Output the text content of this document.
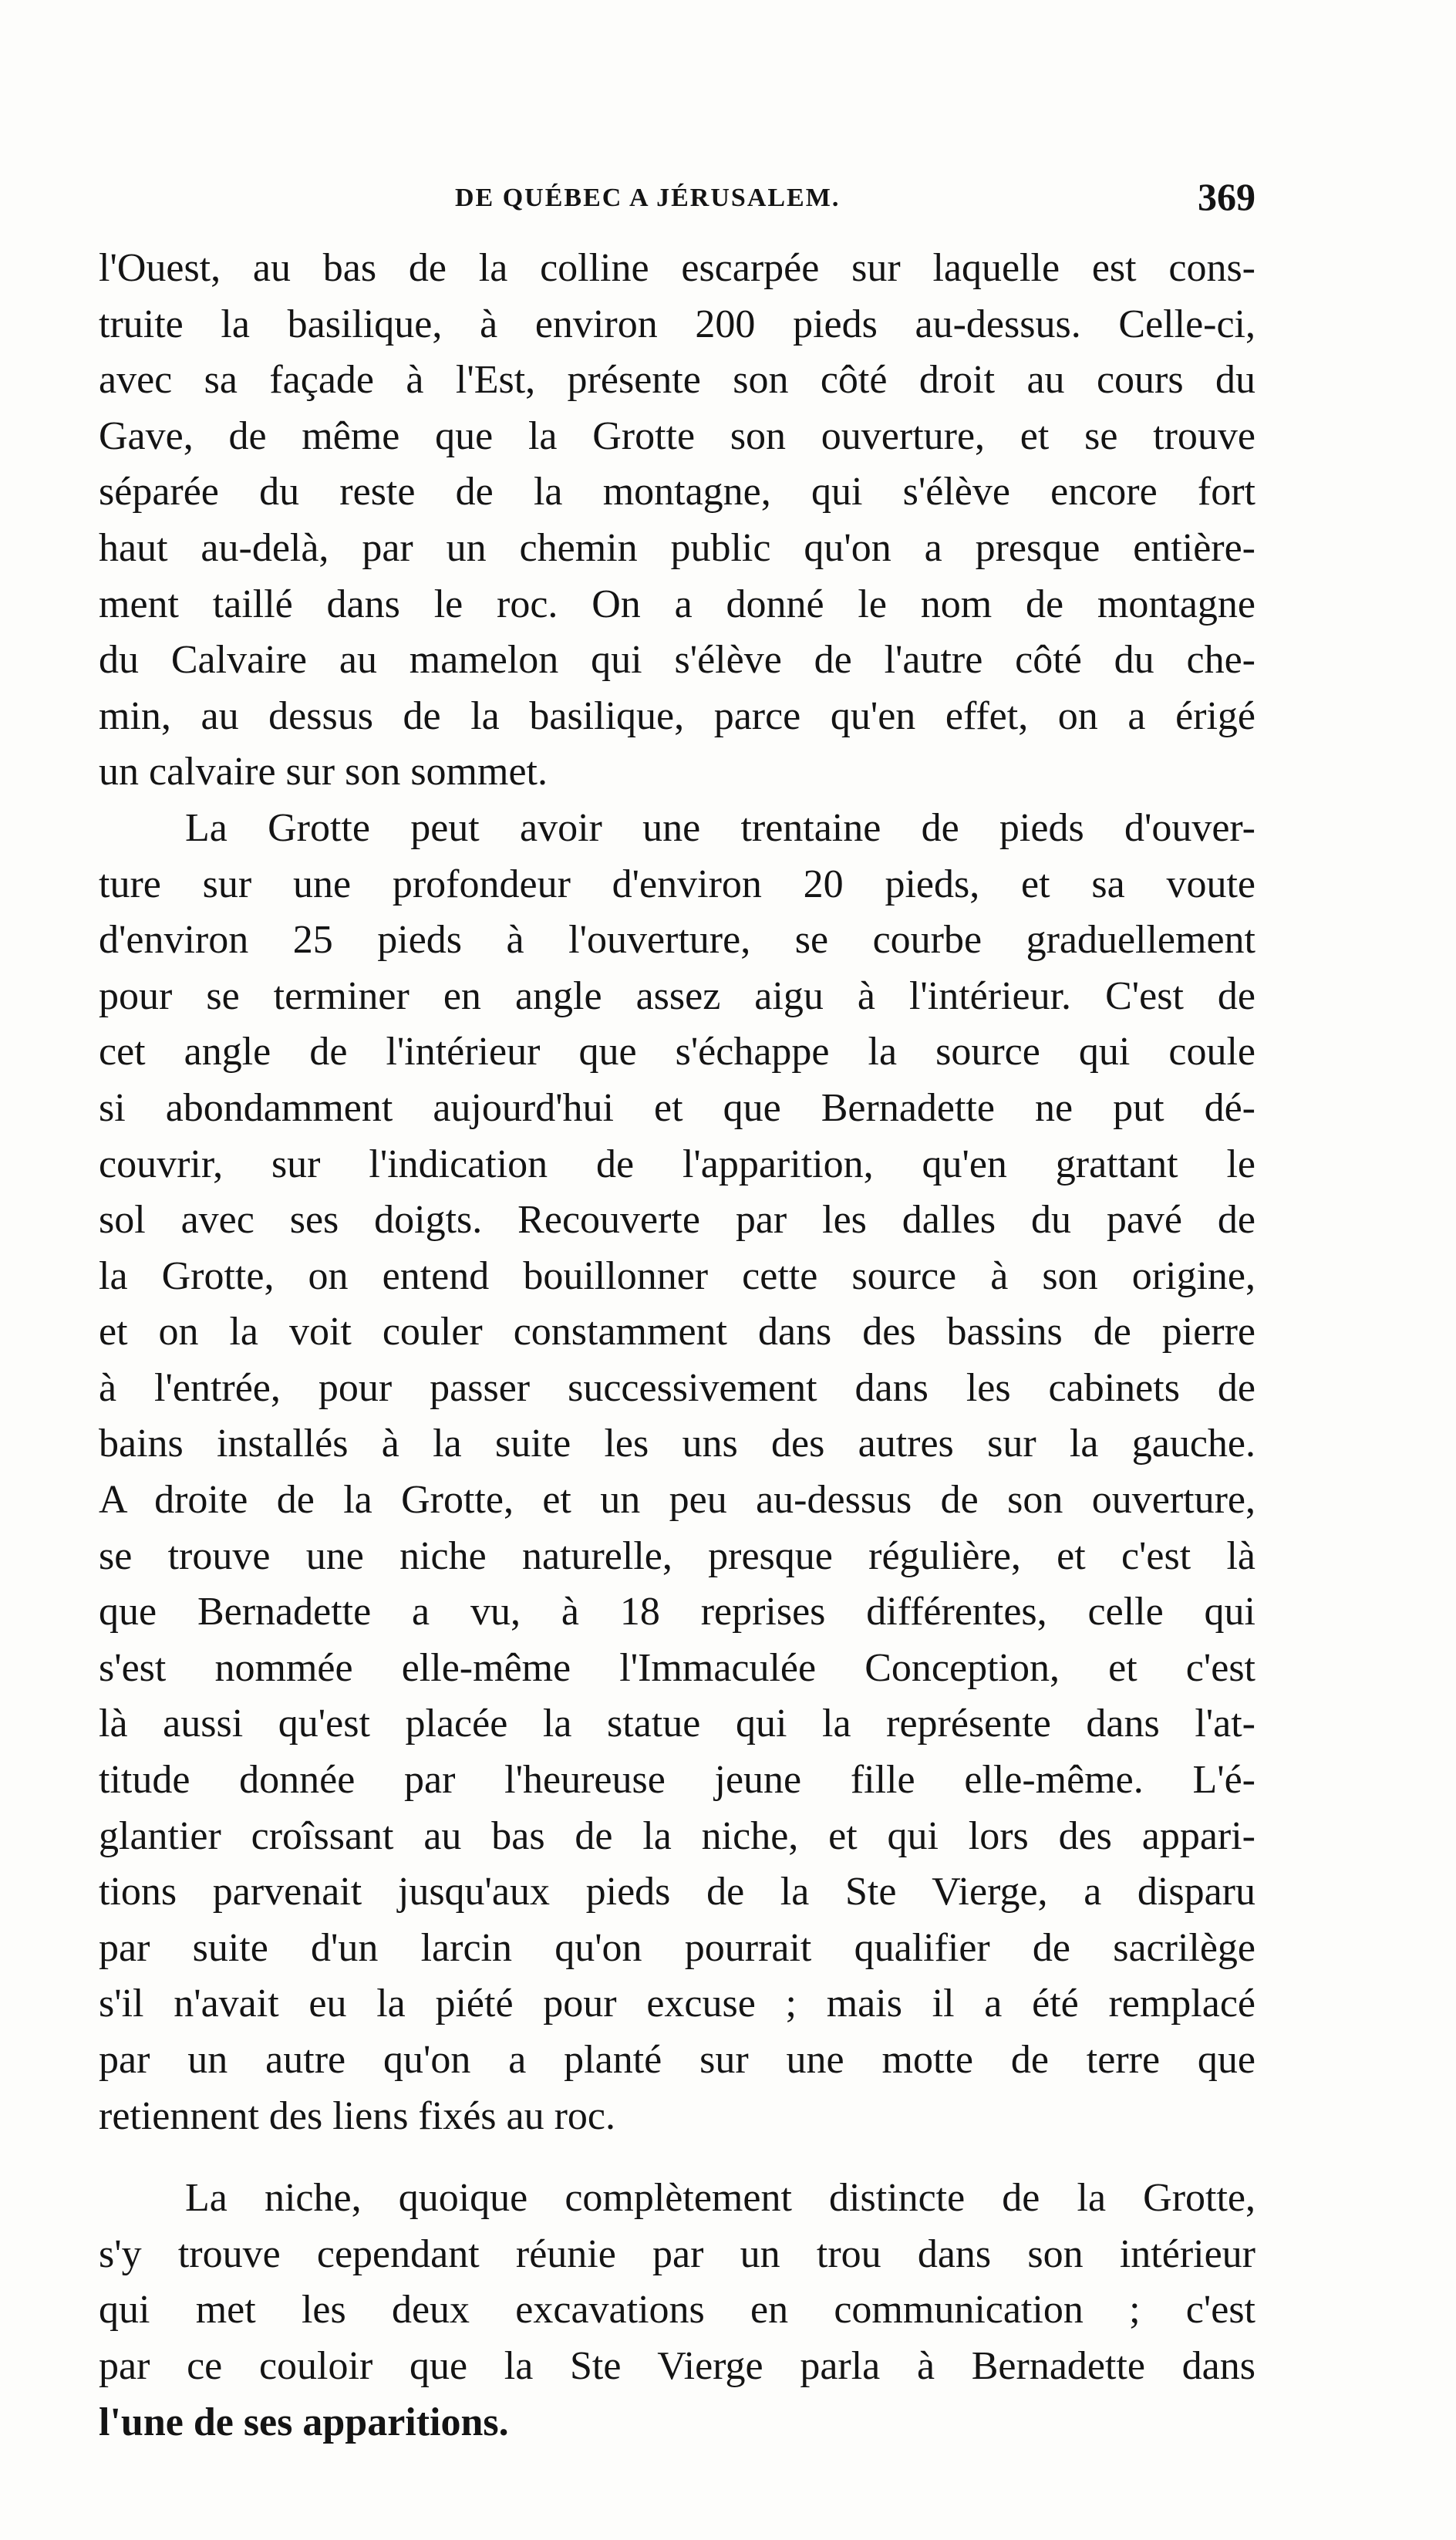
DE QUÉBEC A JÉRUSALEM.	369
l'Ouest, au bas de la colline escarpée sur laquelle est cons-
truite la basilique, à environ 200 pieds au-dessus. Celle-ci,
avec sa façade à l'Est, présente son côté droit au cours du
Gave, de même que la Grotte son ouverture, et se trouve
séparée du reste de la montagne, qui s'élève encore fort
haut au-delà, par un chemin public qu'on a presque entière-
ment taillé dans le roc. On a donné le nom de montagne
du Calvaire au mamelon qui s'élève de l'autre côté du che-
min, au dessus de la basilique, parce qu'en effet, on a érigé
un calvaire sur son sommet.
La Grotte peut avoir une trentaine de pieds d'ouver-
ture sur une profondeur d'environ 20 pieds, et sa voute
d'environ 25 pieds à l'ouverture, se courbe graduellement
pour se terminer en angle assez aigu à l'intérieur. C'est de
cet angle de l'intérieur que s'échappe la source qui coule
si abondamment aujourd'hui et que Bernadette ne put dé-
couvrir, sur l'indication de l'apparition, qu'en grattant le
sol avec ses doigts. Recouverte par les dalles du pavé de
la Grotte, on entend bouillonner cette source à son origine,
et on la voit couler constamment dans des bassins de pierre
à l'entrée, pour passer successivement dans les cabinets de
bains installés à la suite les uns des autres sur la gauche.
A droite de la Grotte, et un peu au-dessus de son ouverture,
se trouve une niche naturelle, presque régulière, et c'est là
que Bernadette a vu, à 18 reprises différentes, celle qui
s'est nommée elle-même l'Immaculée Conception, et c'est
là aussi qu'est placée la statue qui la représente dans l'at-
titude donnée par l'heureuse jeune fille elle-même. L'é-
glantier croîssant au bas de la niche, et qui lors des appari-
tions parvenait jusqu'aux pieds de la Ste Vierge, a disparu
par suite d'un larcin qu'on pourrait qualifier de sacrilège
s'il n'avait eu la piété pour excuse ; mais il a été remplacé
par un autre qu'on a planté sur une motte de terre que
retiennent des liens fixés au roc.
La niche, quoique complètement distincte de la Grotte,
s'y trouve cependant réunie par un trou dans son intérieur
qui met les deux excavations en communication ; c'est
par ce couloir que la Ste Vierge parla à Bernadette dans
l'une de ses apparitions.
